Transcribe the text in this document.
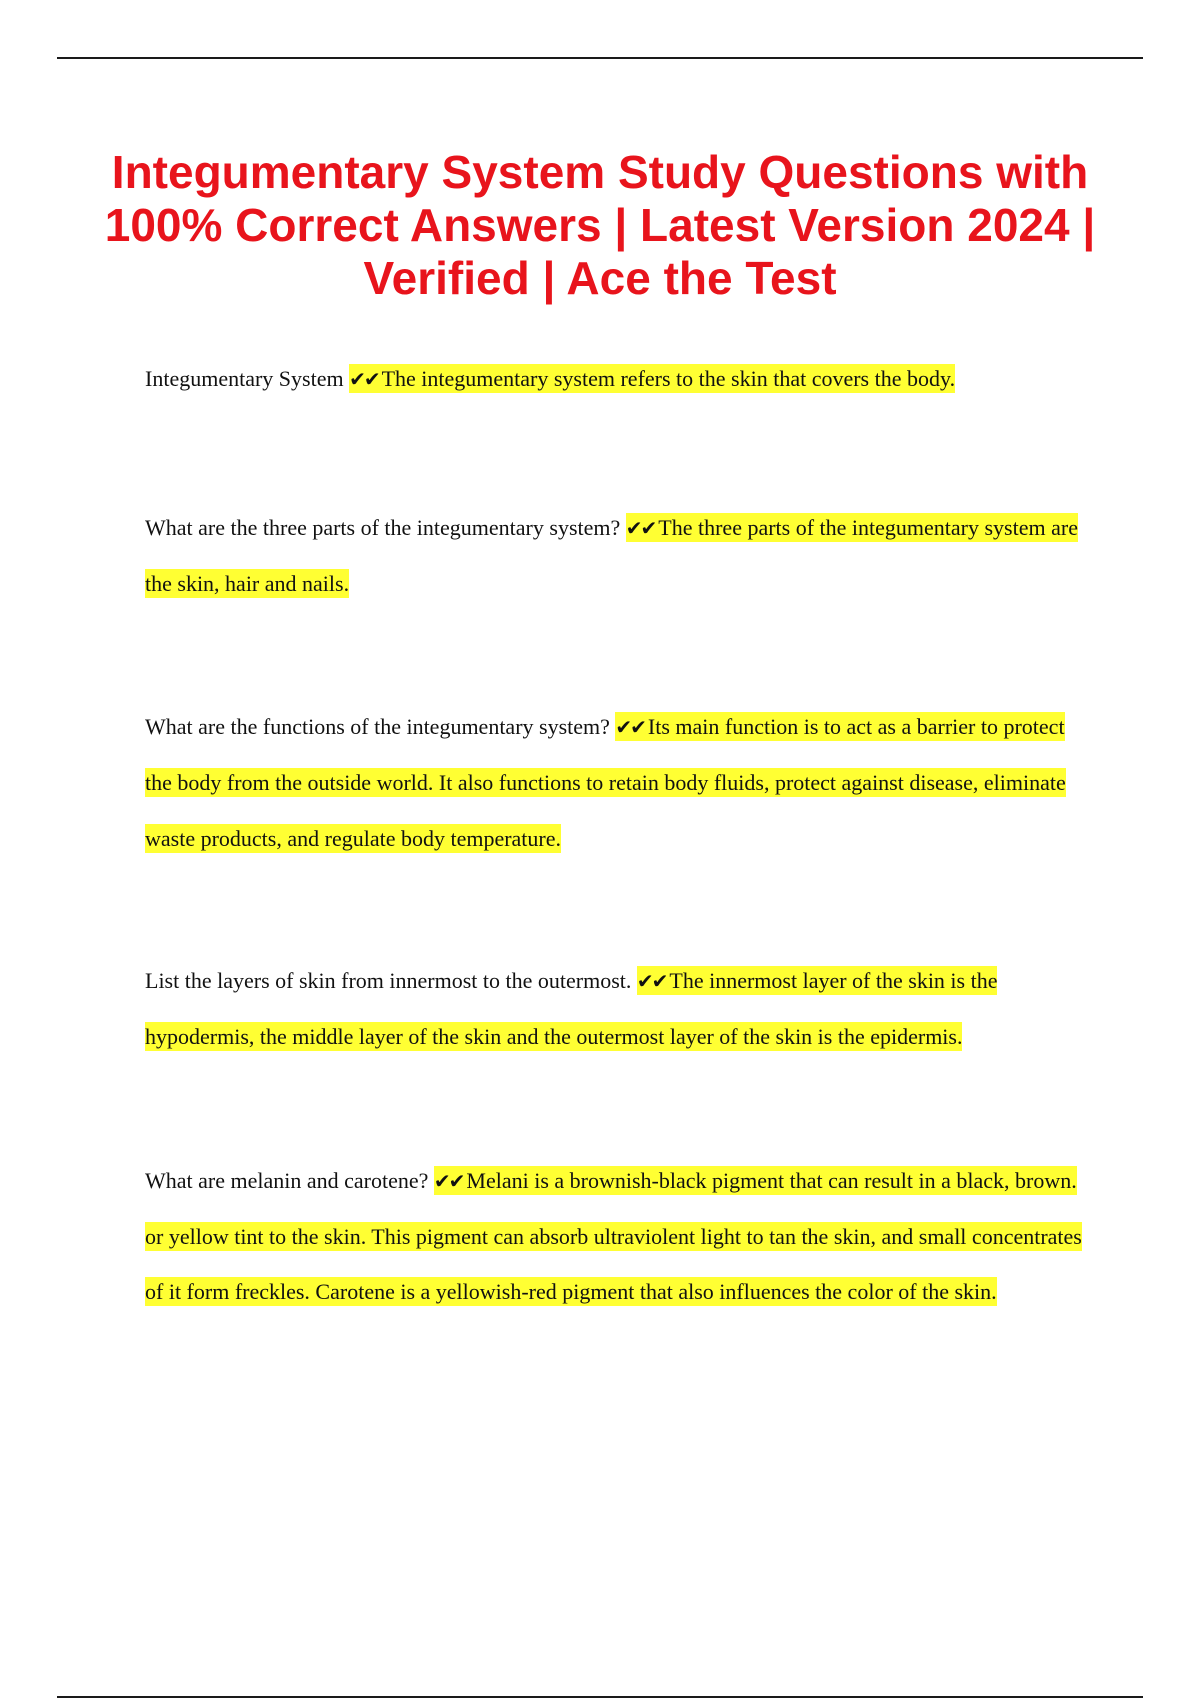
Integumentary System Study Questions with 100% Correct Answers | Latest Version 2024 | Verified | Ace the Test

Integumentary System ✔✔ The integumentary system refers to the skin that covers the body.

What are the three parts of the integumentary system? ✔✔ The three parts of the integumentary system are the skin, hair and nails.

What are the functions of the integumentary system? ✔✔ Its main function is to act as a barrier to protect the body from the outside world. It also functions to retain body fluids, protect against disease, eliminate waste products, and regulate body temperature.

List the layers of skin from innermost to the outermost. ✔✔ The innermost layer of the skin is the hypodermis, the middle layer of the skin and the outermost layer of the skin is the epidermis.

What are melanin and carotene? ✔✔ Melani is a brownish-black pigment that can result in a black, brown. or yellow tint to the skin. This pigment can absorb ultraviolent light to tan the skin, and small concentrates of it form freckles. Carotene is a yellowish-red pigment that also influences the color of the skin.
